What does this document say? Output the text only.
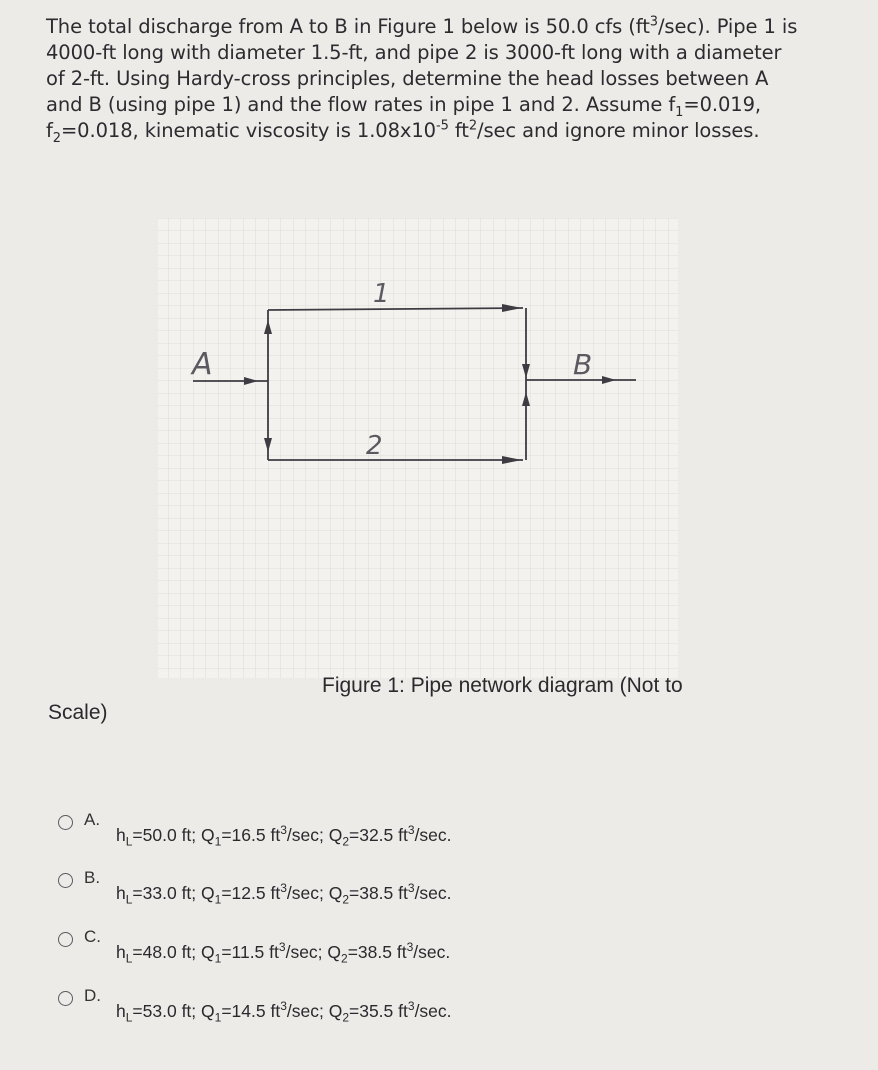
The total discharge from A to B in Figure 1 below is 50.0 cfs $(ft^3/\sec)$. Pipe 1 is 4000-ft long with diameter 1.5-ft, and pipe 2 is 3000-ft long with a diameter of 2-ft. Using Hardy-cross principles, determine the head losses between A and B (using pipe 1) and the flow rates in pipe 1 and 2. Assume $f_1=0.019$, $f_2=0.018$, kinematic viscosity is $1.08x10^{-5}$ $ft^2/\sec$ and ignore minor losses.
A	B
1
2
Figure 1: Pipe network diagram (Not to
Scale)
A.
$h_L=50.0$ ft; $Q_1=16.5$ $ft^3/\sec$; $Q_2=32.5$ $ft^3/\sec$.
B.
$h_L=33.0$ ft; $Q_1=12.5$ $ft^3/\sec$; $Q_2=38.5$ $ft^3/\sec$.
C.
$h_L=48.0$ ft; $Q_1=11.5$ $ft^3/\sec$; $Q_2=38.5$ $ft^3/\sec$.
D.
$h_L=53.0$ ft; $Q_1=14.5$ $ft^3/\sec$; $Q_2=35.5$ $ft^3/\sec$.
